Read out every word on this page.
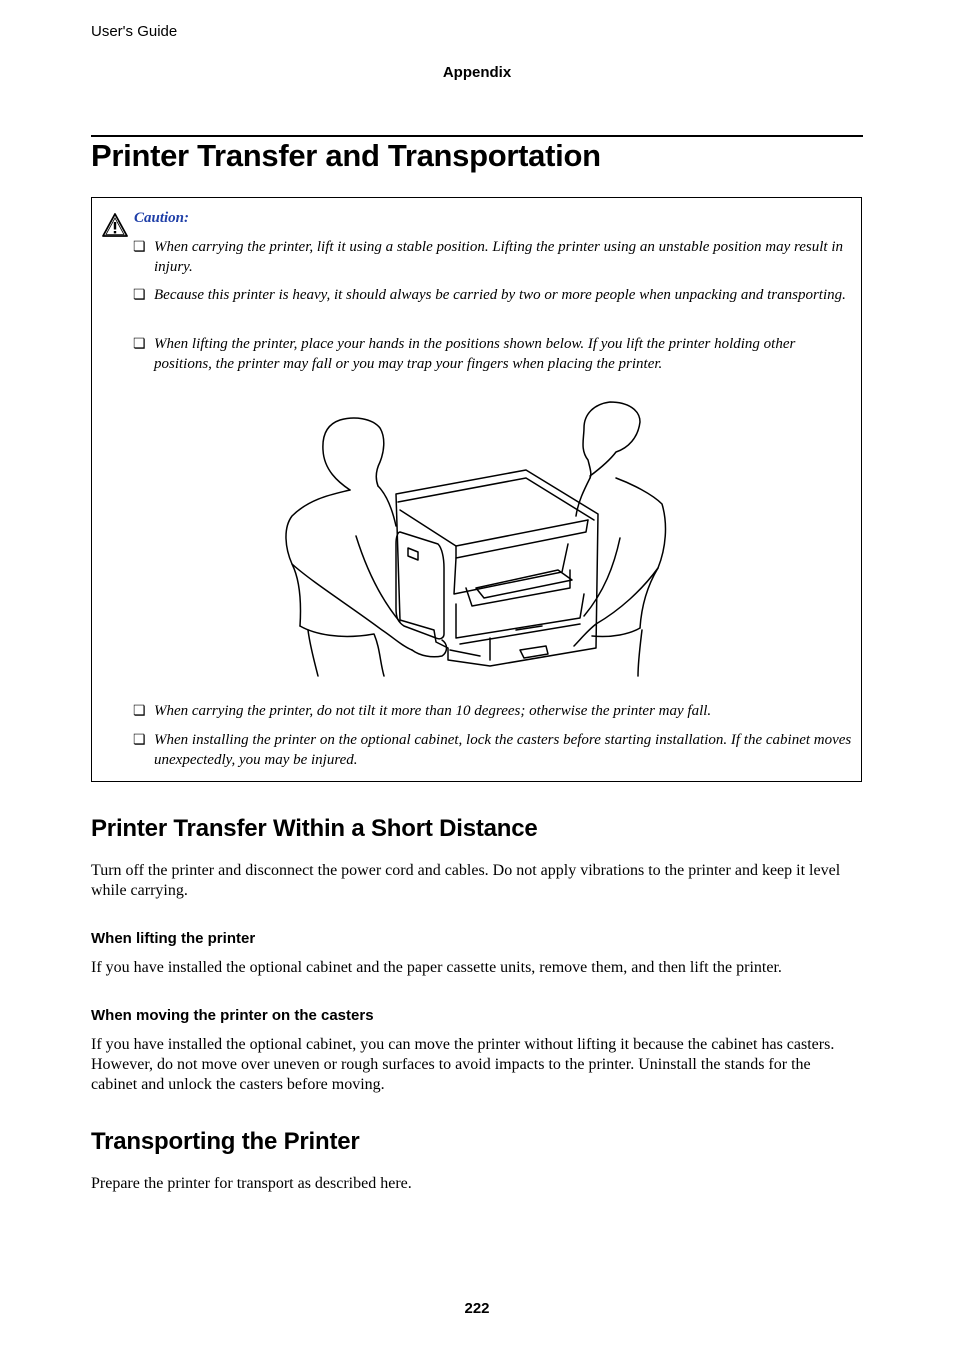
User's Guide
Appendix
Printer Transfer and Transportation
Caution:
❏ When carrying the printer, lift it using a stable position. Lifting the printer using an unstable position may result in injury.
❏ Because this printer is heavy, it should always be carried by two or more people when unpacking and transporting.
❏ When lifting the printer, place your hands in the positions shown below. If you lift the printer holding other positions, the printer may fall or you may trap your fingers when placing the printer.
❏ When carrying the printer, do not tilt it more than 10 degrees; otherwise the printer may fall.
❏ When installing the printer on the optional cabinet, lock the casters before starting installation. If the cabinet moves unexpectedly, you may be injured.
Printer Transfer Within a Short Distance
Turn off the printer and disconnect the power cord and cables. Do not apply vibrations to the printer and keep it level while carrying.
When lifting the printer
If you have installed the optional cabinet and the paper cassette units, remove them, and then lift the printer.
When moving the printer on the casters
If you have installed the optional cabinet, you can move the printer without lifting it because the cabinet has casters. However, do not move over uneven or rough surfaces to avoid impacts to the printer. Uninstall the stands for the cabinet and unlock the casters before moving.
Transporting the Printer
Prepare the printer for transport as described here.
222
